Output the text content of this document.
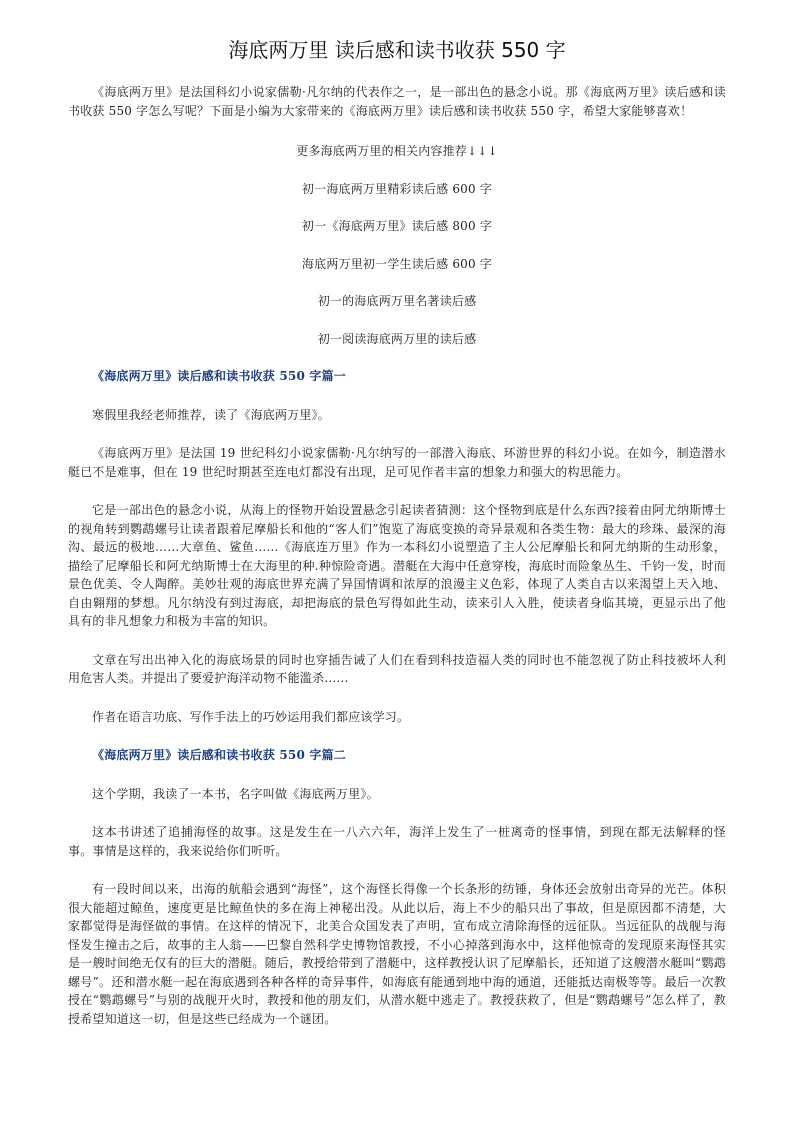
海底两万里 读后感和读书收获 550 字

《海底两万里》是法国科幻小说家儒勒·凡尔纳的代表作之一，是一部出色的悬念小说。那《海底两万里》读后感和读书收获 550 字怎么写呢？下面是小编为大家带来的《海底两万里》读后感和读书收获 550 字，希望大家能够喜欢！

更多海底两万里的相关内容推荐↓↓↓

初一海底两万里精彩读后感 600 字

初一《海底两万里》读后感 800 字

海底两万里初一学生读后感 600 字

初一的海底两万里名著读后感

初一阅读海底两万里的读后感

《海底两万里》读后感和读书收获 550 字篇一

寒假里我经老师推荐，读了《海底两万里》。

《海底两万里》是法国 19 世纪科幻小说家儒勒·凡尔纳写的一部潜入海底、环游世界的科幻小说。在如今，制造潜水艇已不是难事，但在 19 世纪时期甚至连电灯都没有出现，足可见作者丰富的想象力和强大的构思能力。

它是一部出色的悬念小说，从海上的怪物开始设置悬念引起读者猜测：这个怪物到底是什么东西?接着由阿尤纳斯博士的视角转到鹦鹉螺号让读者跟着尼摩船长和他的“客人们”饱览了海底变换的奇异景观和各类生物：最大的珍珠、最深的海沟、最远的极地……大章鱼、鲨鱼……《海底连万里》作为一本科幻小说塑造了主人公尼摩船长和阿尤纳斯的生动形象，描绘了尼摩船长和阿尤纳斯博士在大海里的种.种惊险奇遇。潜艇在大海中任意穿梭，海底时而险象丛生、千钧一发，时而景色优美、令人陶醉。美妙壮观的海底世界充满了异国情调和浓厚的浪漫主义色彩，体现了人类自古以来渴望上天入地、自由翱翔的梦想。凡尔纳没有到过海底，却把海底的景色写得如此生动，读来引人入胜，使读者身临其境，更显示出了他具有的非凡想象力和极为丰富的知识。

文章在写出出神入化的海底场景的同时也穿插告诫了人们在看到科技造福人类的同时也不能忽视了防止科技被坏人利用危害人类。并提出了要爱护海洋动物不能滥杀……

作者在语言功底、写作手法上的巧妙运用我们都应该学习。

《海底两万里》读后感和读书收获 550 字篇二

这个学期，我读了一本书，名字叫做《海底两万里》。

这本书讲述了追捕海怪的故事。这是发生在一八六六年，海洋上发生了一桩离奇的怪事情，到现在都无法解释的怪事。事情是这样的，我来说给你们听听。

有一段时间以来，出海的航船会遇到“海怪”，这个海怪长得像一个长条形的纺锤，身体还会放射出奇异的光芒。体积很大能超过鲸鱼，速度更是比鲸鱼快的多在海上神秘出没。从此以后，海上不少的船只出了事故，但是原因都不清楚，大家都觉得是海怪做的事情。在这样的情况下，北美合众国发表了声明，宣布成立清除海怪的远征队。当远征队的战舰与海怪发生撞击之后，故事的主人翁——巴黎自然科学史博物馆教授，不小心掉落到海水中，这样他惊奇的发现原来海怪其实是一艘时间绝无仅有的巨大的潜艇。随后，教授给带到了潜艇中，这样教授认识了尼摩船长，还知道了这艘潜水艇叫“鹦鹉螺号”。还和潜水艇一起在海底遇到各种各样的奇异事件，如海底有能通到地中海的通道，还能抵达南极等等。最后一次教授在“鹦鹉螺号”与别的战舰开火时，教授和他的朋友们，从潜水艇中逃走了。教授获救了，但是“鹦鹉螺号”怎么样了，教授希望知道这一切，但是这些已经成为一个谜团。
